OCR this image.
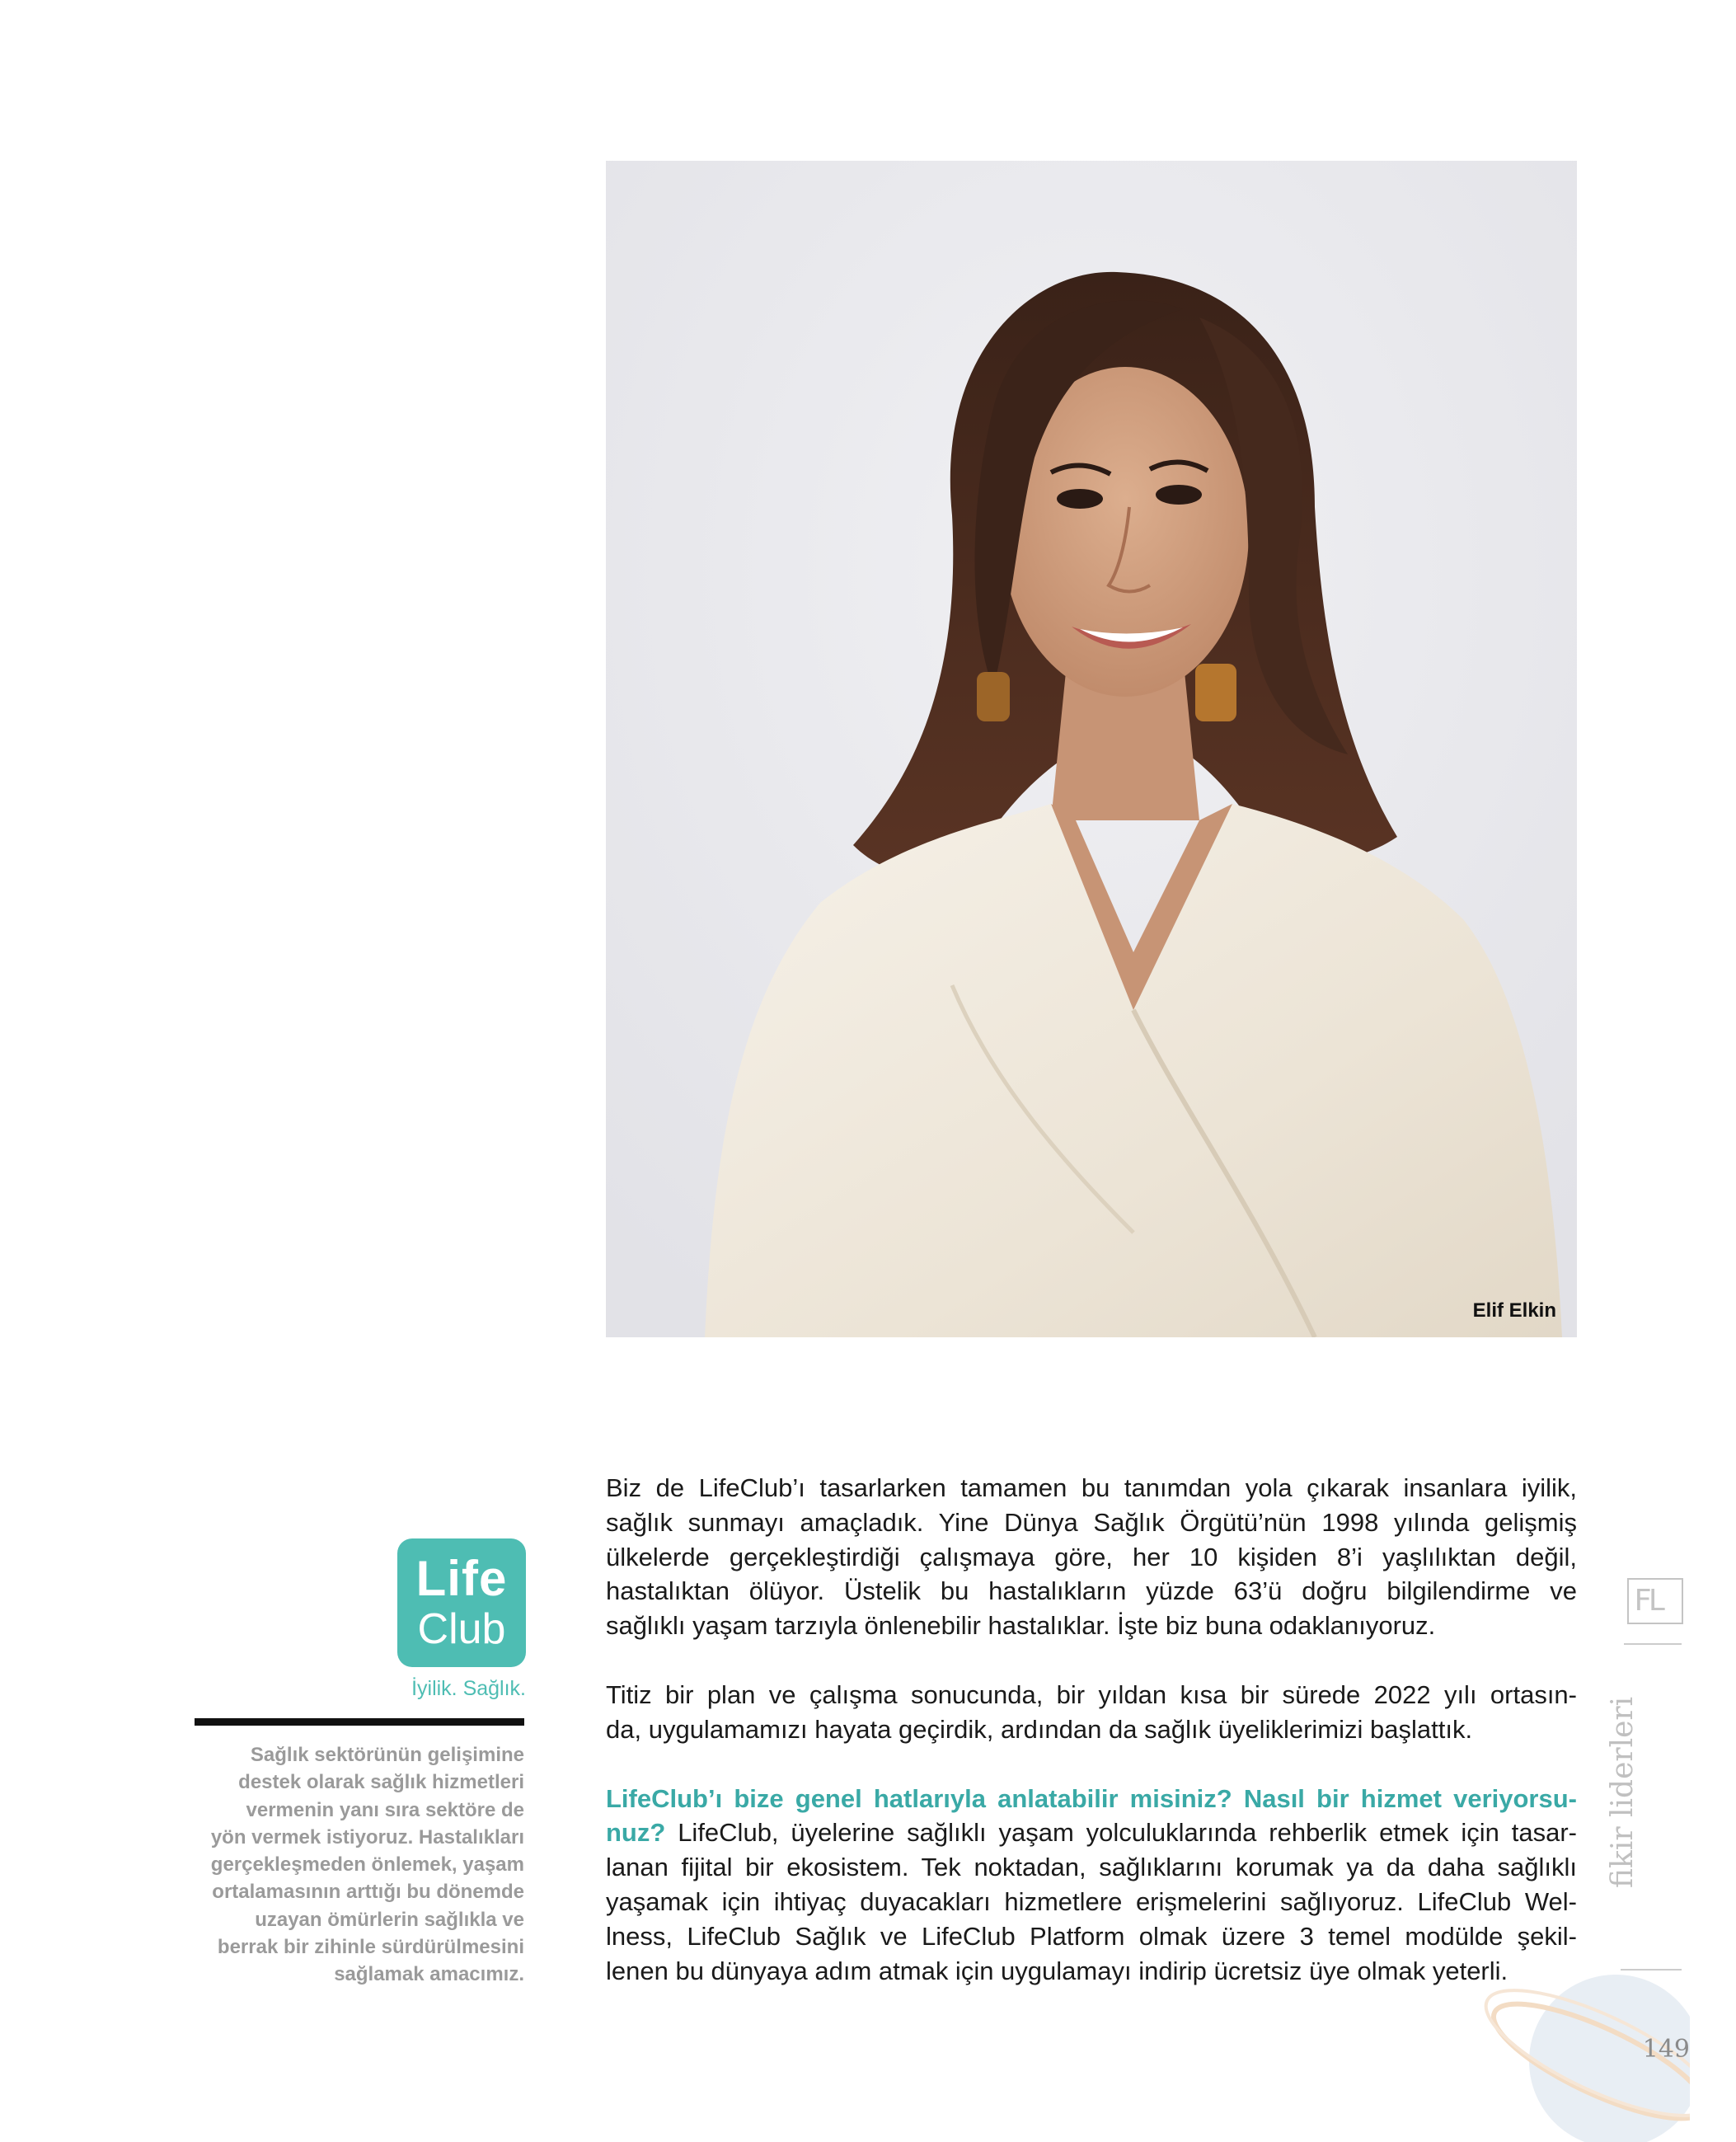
Elif Elkin
Life
Club
İyilik. Sağlık.
Sağlık sektörünün gelişimine
destek olarak sağlık hizmetleri
vermenin yanı sıra sektöre de
yön vermek istiyoruz. Hastalıkları
gerçekleşmeden önlemek, yaşam
ortalamasının arttığı bu dönemde
uzayan ömürlerin sağlıkla ve
berrak bir zihinle sürdürülmesini
sağlamak amacımız.
Biz de LifeClub’ı tasarlarken tamamen bu tanımdan yola çıkarak insanlara iyilik,
sağlık sunmayı amaçladık. Yine Dünya Sağlık Örgütü’nün 1998 yılında gelişmiş
ülkelerde gerçekleştirdiği çalışmaya göre, her 10 kişiden 8’i yaşlılıktan değil,
hastalıktan ölüyor. Üstelik bu hastalıkların yüzde 63’ü doğru bilgilendirme ve
sağlıklı yaşam tarzıyla önlenebilir hastalıklar. İşte biz buna odaklanıyoruz.
Titiz bir plan ve çalışma sonucunda, bir yıldan kısa bir sürede 2022 yılı ortasın-
da, uygulamamızı hayata geçirdik, ardından da sağlık üyeliklerimizi başlattık.
LifeClub’ı bize genel hatlarıyla anlatabilir misiniz? Nasıl bir hizmet veriyorsu-
nuz? LifeClub, üyelerine sağlıklı yaşam yolculuklarında rehberlik etmek için tasar-
lanan fijital bir ekosistem. Tek noktadan, sağlıklarını korumak ya da daha sağlıklı
yaşamak için ihtiyaç duyacakları hizmetlere erişmelerini sağlıyoruz. LifeClub Wel-
lness, LifeClub Sağlık ve LifeClub Platform olmak üzere 3 temel modülde şekil-
lenen bu dünyaya adım atmak için uygulamayı indirip ücretsiz üye olmak yeterli.
FL
fikir liderleri
149
